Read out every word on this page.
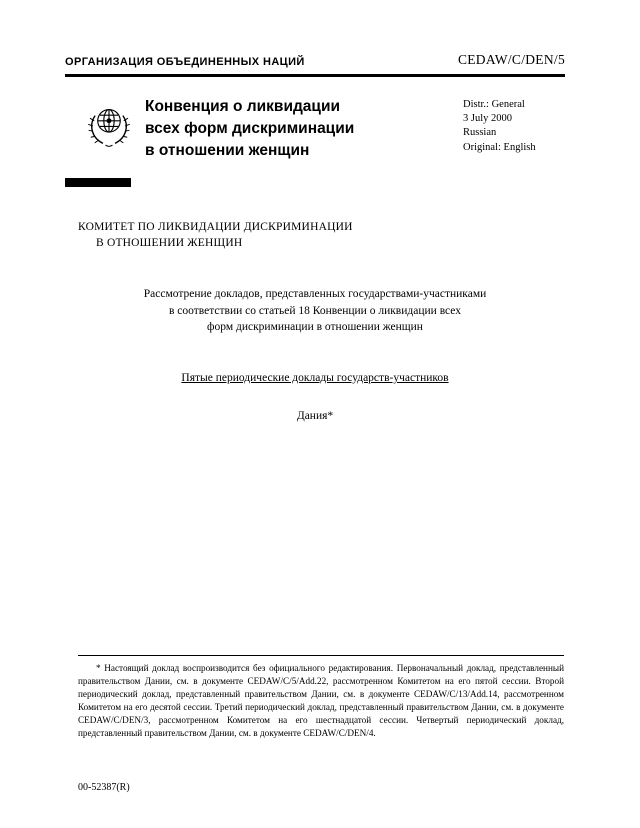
ОРГАНИЗАЦИЯ ОБЪЕДИНЕННЫХ НАЦИЙ	CEDAW/C/DEN/5
Конвенция о ликвидации
всех форм дискриминации
в отношении женщин
Distr.: General
3 July 2000
Russian
Original: English
КОМИТЕТ ПО ЛИКВИДАЦИИ ДИСКРИМИНАЦИИ
В ОТНОШЕНИИ ЖЕНЩИН
Рассмотрение докладов, представленных государствами-участниками
в соответствии со статьей 18 Конвенции о ликвидации всех
форм дискриминации в отношении женщин
Пятые периодические доклады государств-участников
Дания*
* Настоящий доклад воспроизводится без официального редактирования. Первоначальный доклад, представленный правительством Дании, см. в документе CEDAW/C/5/Add.22, рассмотренном Комитетом на его пятой сессии. Второй периодический доклад, представленный правительством Дании, см. в документе CEDAW/C/13/Add.14, рассмотренном Комитетом на его десятой сессии. Третий периодический доклад, представленный правительством Дании, см. в документе CEDAW/C/DEN/3, рассмотренном Комитетом на его шестнадцатой сессии. Четвертый периодический доклад, представленный правительством Дании, см. в документе CEDAW/C/DEN/4.
00-52387(R)
